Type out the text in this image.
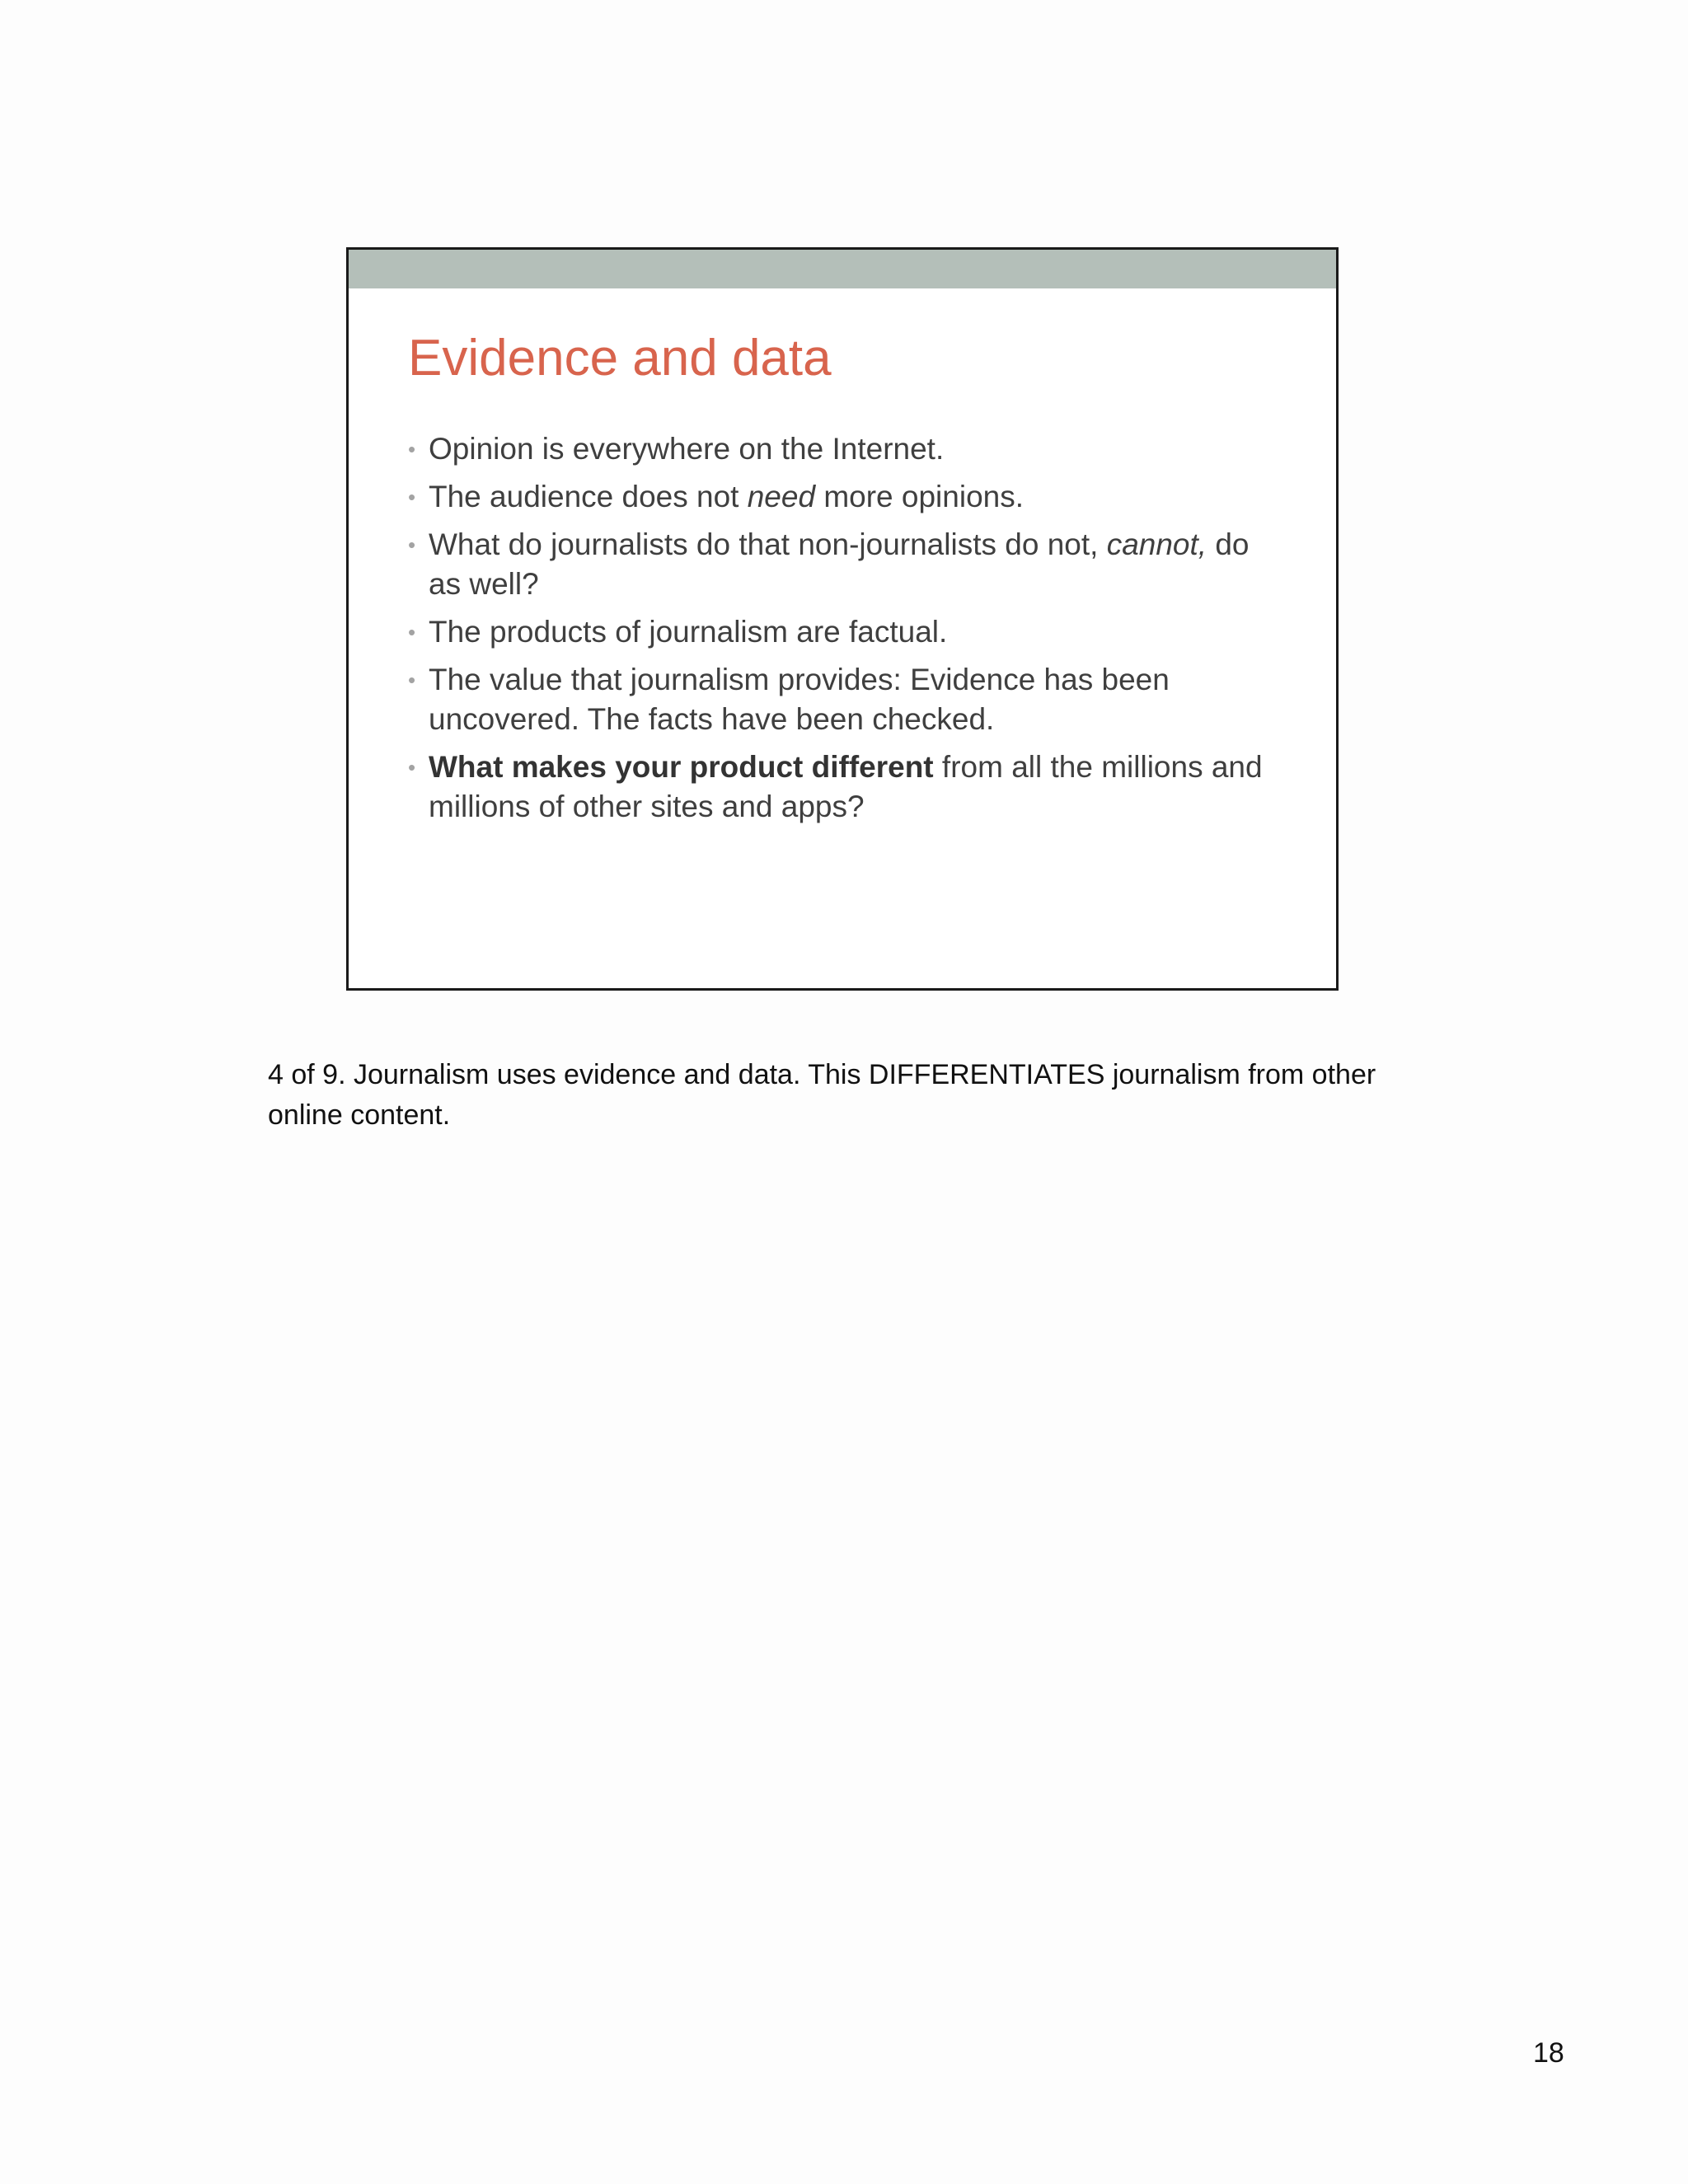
Evidence and data
• Opinion is everywhere on the Internet.
• The audience does not need more opinions.
• What do journalists do that non-journalists do not, cannot, do as well?
• The products of journalism are factual.
• The value that journalism provides: Evidence has been uncovered. The facts have been checked.
• What makes your product different from all the millions and millions of other sites and apps?

4 of 9. Journalism uses evidence and data. This DIFFERENTIATES journalism from other online content.

18
